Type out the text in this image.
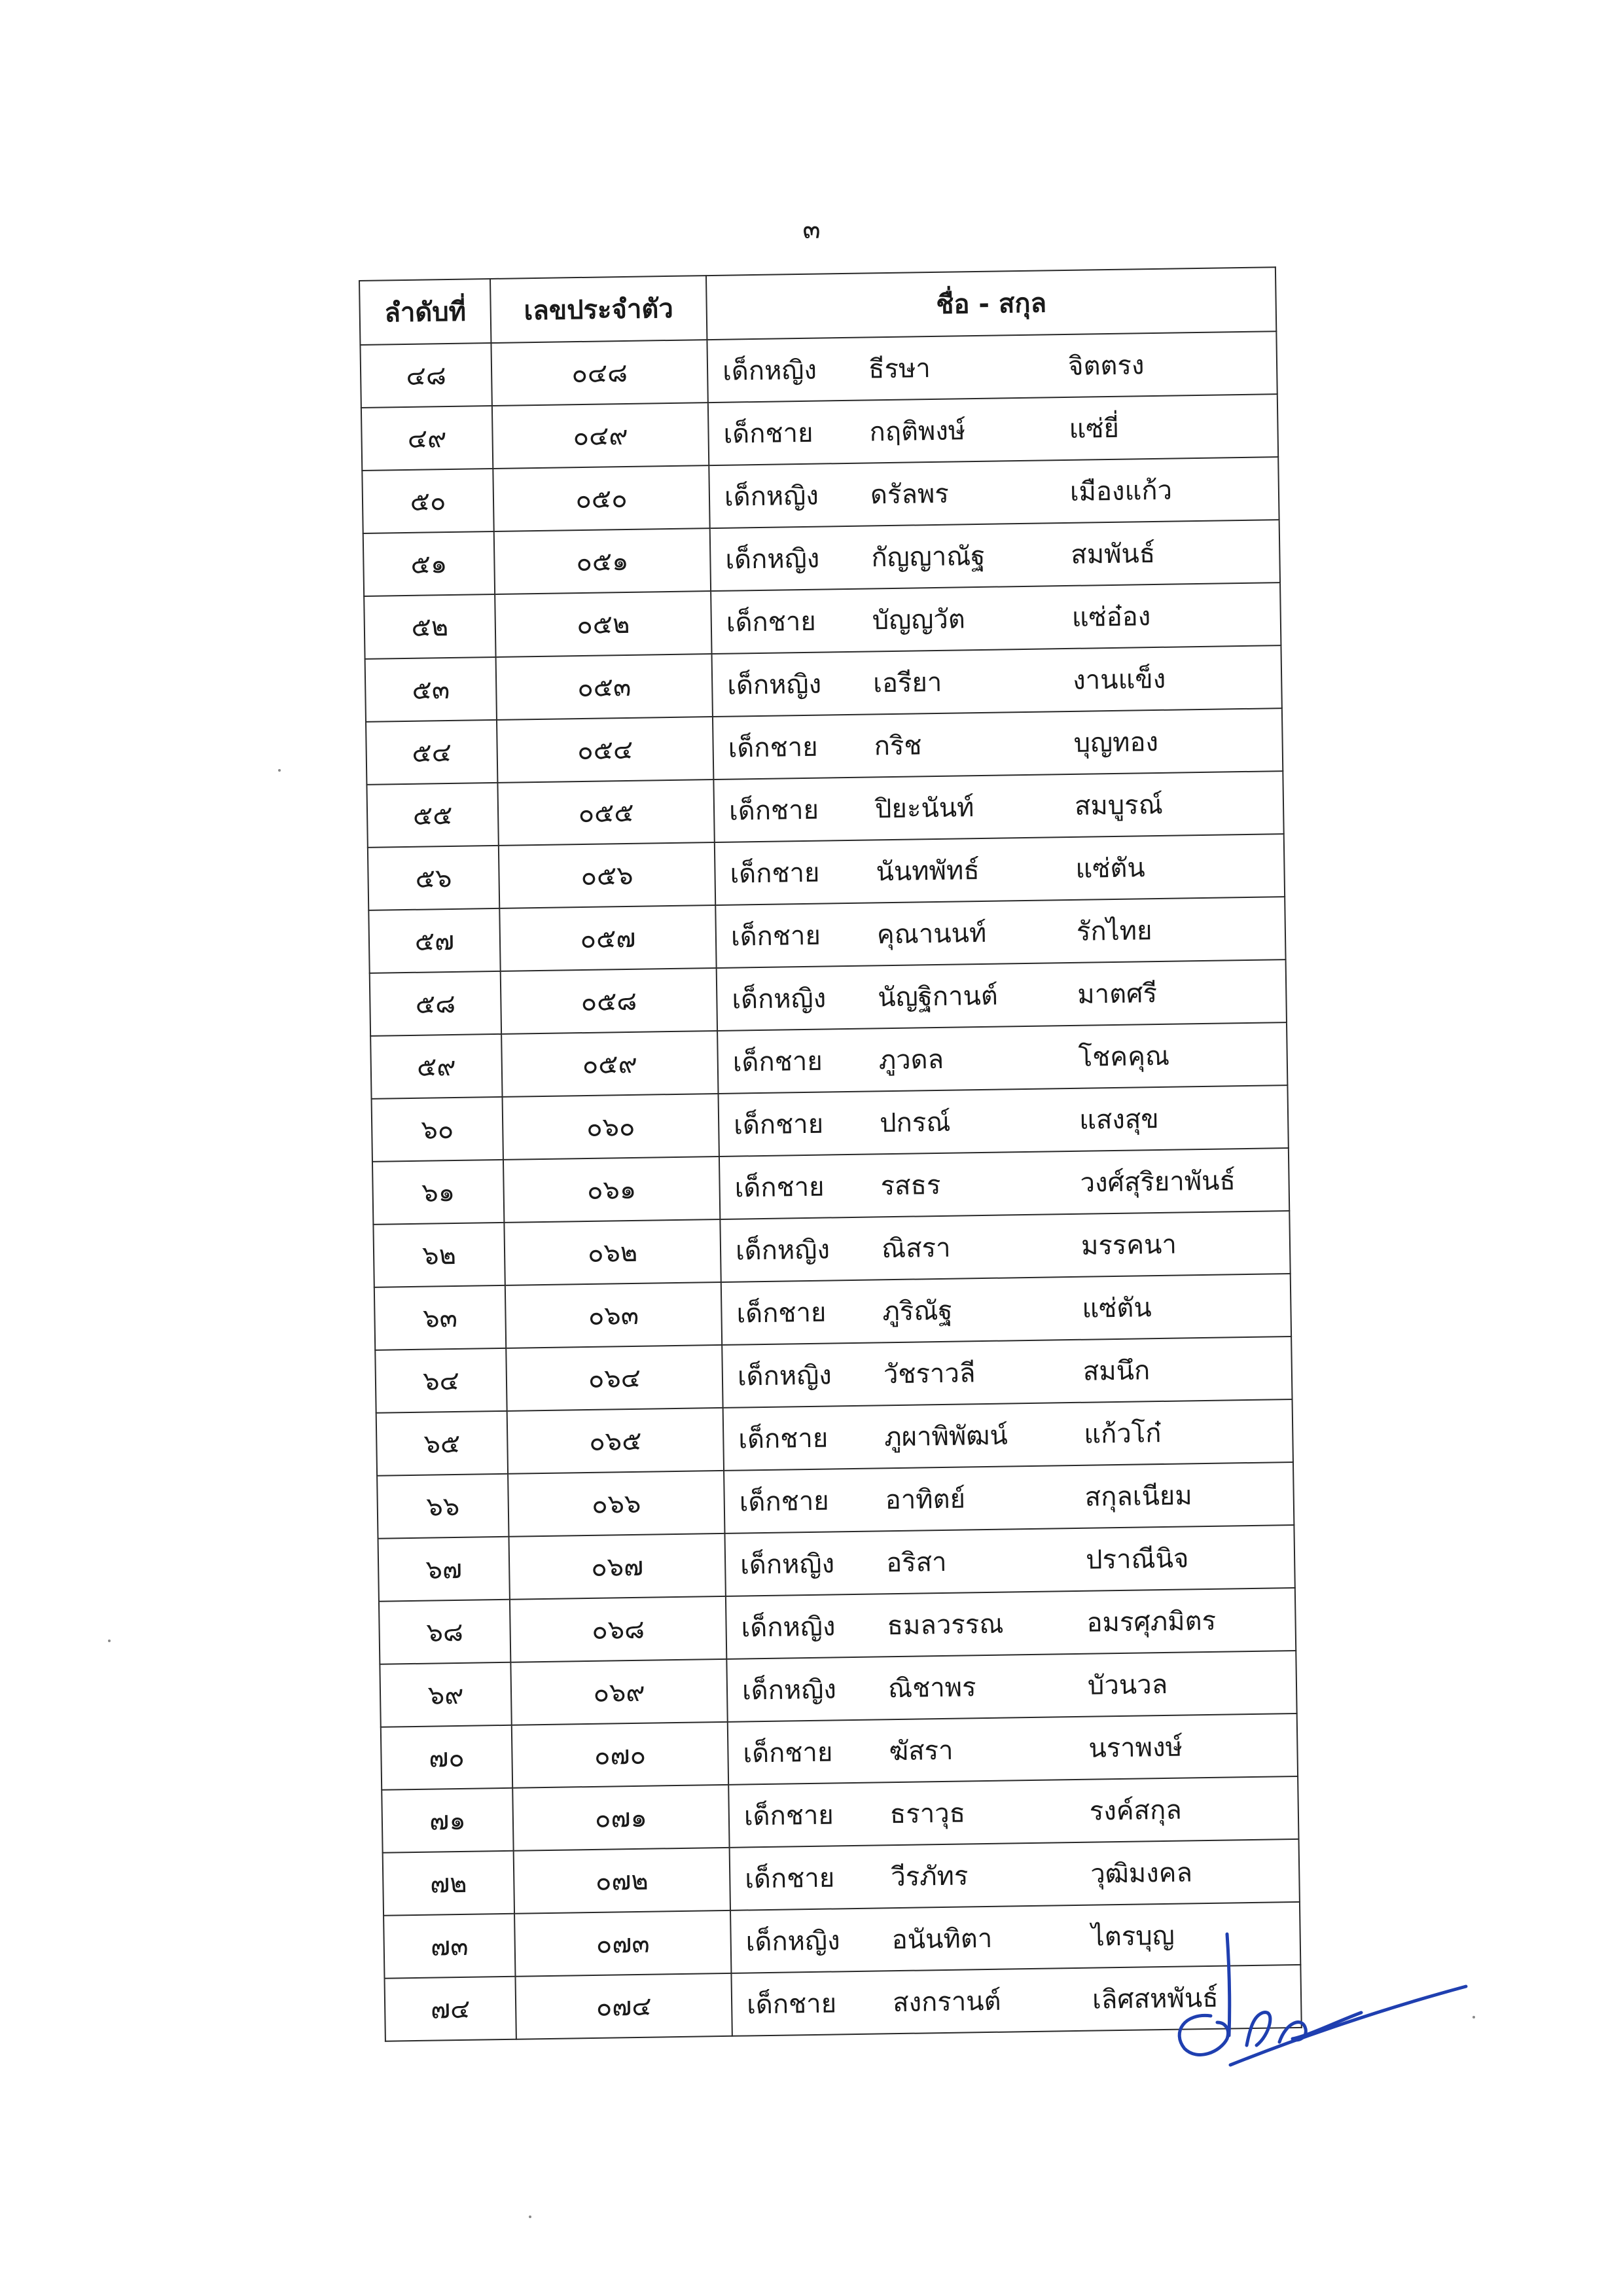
๓
ลำดับที่	เลขประจำตัว	ชื่อ - สกุล
๔๘	๐๔๘	เด็กหญิง ธีรษา จิตตรง

๔๙	๐๔๙	เด็กชาย กฤติพงษ์ แซ่ยี่

๕๐	๐๕๐	เด็กหญิง ดรัลพร เมืองแก้ว

๕๑	๐๕๑	เด็กหญิง กัญญาณัฐ สมพันธ์

๕๒	๐๕๒	เด็กชาย บัญญวัต แซ่อ๋อง

๕๓	๐๕๓	เด็กหญิง เอรียา งานแข็ง

๕๔	๐๕๔	เด็กชาย กริช บุญทอง

๕๕	๐๕๕	เด็กชาย ปิยะนันท์ สมบูรณ์

๕๖	๐๕๖	เด็กชาย นันทพัทธ์ แซ่ตัน

๕๗	๐๕๗	เด็กชาย คุณานนท์ รักไทย

๕๘	๐๕๘	เด็กหญิง นัญฐิกานต์ มาตศรี

๕๙	๐๕๙	เด็กชาย ภูวดล โชคคุณ

๖๐	๐๖๐	เด็กชาย ปกรณ์ แสงสุข

๖๑	๐๖๑	เด็กชาย รสธร วงศ์สุริยาพันธ์

๖๒	๐๖๒	เด็กหญิง ณิสรา มรรคนา

๖๓	๐๖๓	เด็กชาย ภูริณัฐ แซ่ตัน

๖๔	๐๖๔	เด็กหญิง วัชราวลี สมนึก

๖๕	๐๖๕	เด็กชาย ภูผาพิพัฒน์ แก้วโก๋

๖๖	๐๖๖	เด็กชาย อาทิตย์ สกุลเนียม

๖๗	๐๖๗	เด็กหญิง อริสา ปราณีนิจ

๖๘	๐๖๘	เด็กหญิง ธมลวรรณ อมรศุภมิตร

๖๙	๐๖๙	เด็กหญิง ณิชาพร บัวนวล

๗๐	๐๗๐	เด็กชาย ฆัสรา นราพงษ์

๗๑	๐๗๑	เด็กชาย ธราวุธ รงค์สกุล

๗๒	๐๗๒	เด็กชาย วีรภัทร วุฒิมงคล

๗๓	๐๗๓	เด็กหญิง อนันทิตา ไตรบุญ

๗๔	๐๗๔	เด็กชาย สงกรานต์ เลิศสหพันธ์
